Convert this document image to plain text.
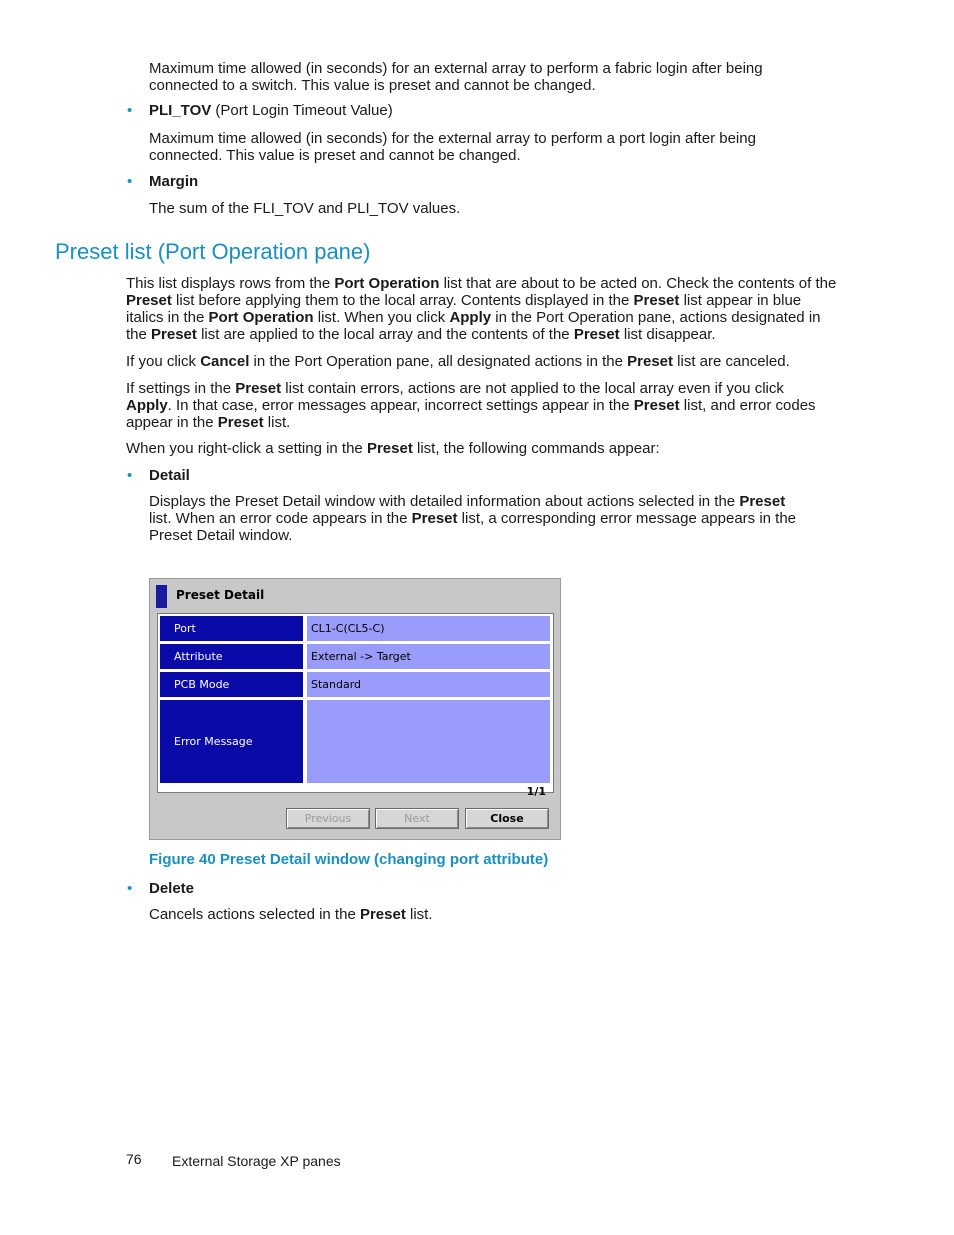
Maximum time allowed (in seconds) for an external array to perform a fabric login after being
connected to a switch. This value is preset and cannot be changed.
• PLI_TOV (Port Login Timeout Value)
Maximum time allowed (in seconds) for the external array to perform a port login after being
connected. This value is preset and cannot be changed.
• Margin
The sum of the FLI_TOV and PLI_TOV values.
Preset list (Port Operation pane)
This list displays rows from the Port Operation list that are about to be acted on. Check the contents of the
Preset list before applying them to the local array. Contents displayed in the Preset list appear in blue
italics in the Port Operation list. When you click Apply in the Port Operation pane, actions designated in
the Preset list are applied to the local array and the contents of the Preset list disappear.
If you click Cancel in the Port Operation pane, all designated actions in the Preset list are canceled.
If settings in the Preset list contain errors, actions are not applied to the local array even if you click
Apply. In that case, error messages appear, incorrect settings appear in the Preset list, and error codes
appear in the Preset list.
When you right-click a setting in the Preset list, the following commands appear:
• Detail
Displays the Preset Detail window with detailed information about actions selected in the Preset
list. When an error code appears in the Preset list, a corresponding error message appears in the
Preset Detail window.
Preset Detail
Port	CL1-C(CL5-C)
Attribute	External -> Target
PCB Mode	Standard
Error Message
1/1
Previous	Next	Close
Figure 40 Preset Detail window (changing port attribute)
• Delete
Cancels actions selected in the Preset list.
76 External Storage XP panes
